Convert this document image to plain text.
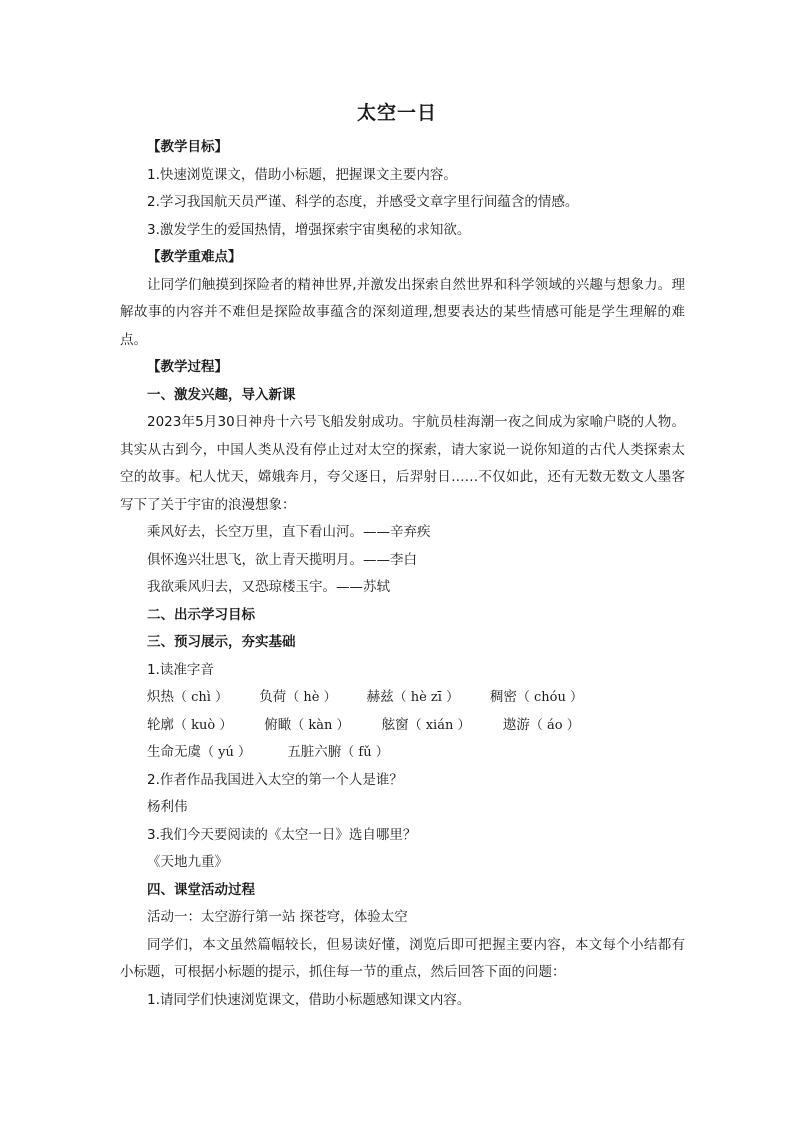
太空一日
【教学目标】
1.快速浏览课文，借助小标题，把握课文主要内容。
2.学习我国航天员严谨、科学的态度，并感受文章字里行间蕴含的情感。
3.激发学生的爱国热情，增强探索宇宙奥秘的求知欲。
【教学重难点】
让同学们触摸到探险者的精神世界,并激发出探索自然世界和科学领域的兴趣与想象力。理解故事的内容并不难但是探险故事蕴含的深刻道理,想要表达的某些情感可能是学生理解的难点。
【教学过程】
一、激发兴趣，导入新课
2023年5月30日神舟十六号飞船发射成功。宇航员桂海潮一夜之间成为家喻户晓的人物。其实从古到今，中国人类从没有停止过对太空的探索，请大家说一说你知道的古代人类探索太空的故事。杞人忧天，嫦娥奔月，夸父逐日，后羿射日……不仅如此，还有无数无数文人墨客写下了关于宇宙的浪漫想象：
乘风好去，长空万里，直下看山河。——辛弃疾
俱怀逸兴壮思飞，欲上青天揽明月。——李白
我欲乘风归去，又恐琼楼玉宇。——苏轼
二、出示学习目标
三、预习展示，夯实基础
1.读准字音
炽热（ chì ） 负荷（ hè ） 赫兹（ hè zī ） 稠密（ chóu ）
轮廓（ kuò ） 俯瞰（ kàn ） 舷窗（ xián ） 遨游（ áo ）
生命无虞（ yú ）	五脏六腑（ fǔ ）
2.作者作品我国进入太空的第一个人是谁？
杨利伟
3.我们今天要阅读的《太空一日》选自哪里？
《天地九重》
四、课堂活动过程
活动一：太空游行第一站 探苍穹，体验太空
同学们，本文虽然篇幅较长，但易读好懂，浏览后即可把握主要内容，本文每个小结都有小标题，可根据小标题的提示，抓住每一节的重点，然后回答下面的问题：
1.请同学们快速浏览课文，借助小标题感知课文内容。
